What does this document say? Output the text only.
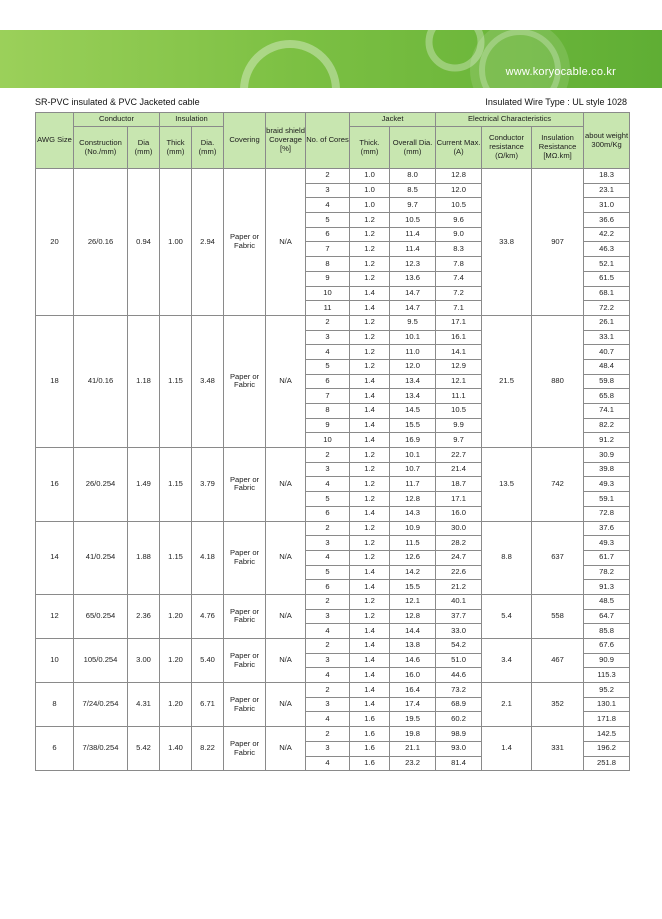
www.koryocable.co.kr
SR-PVC insulated & PVC Jacketed cable	Insulated Wire Type : UL style 1028
AWG Size	Conductor		Insulation		Covering	braid shield Coverage [%]	No. of Cores	Jacket		Electrical Characteristics			about weight 300m/Kg
	Construction (No./mm)	Dia (mm)	Thick (mm)	Dia. (mm)				Thick. (mm)	Overall Dia.(mm)	Current Max.(A)	Conductor resistance (Ω/km)	Insulation Resistance [MΩ.km]	
20	26/0.16	0.94	1.00	2.94	Paper or Fabric	N/A	2	1.0	8.0	12.8	33.8	907	18.3
							3	1.0	8.5	12.0			23.1
							4	1.0	9.7	10.5			31.0
							5	1.2	10.5	9.6			36.6
							6	1.2	11.4	9.0			42.2
							7	1.2	11.4	8.3			46.3
							8	1.2	12.3	7.8			52.1
							9	1.2	13.6	7.4			61.5
							10	1.4	14.7	7.2			68.1
							11	1.4	14.7	7.1			72.2
18	41/0.16	1.18	1.15	3.48	Paper or Fabric	N/A	2	1.2	9.5	17.1	21.5	880	26.1
							3	1.2	10.1	16.1			33.1
							4	1.2	11.0	14.1			40.7
							5	1.2	12.0	12.9			48.4
							6	1.4	13.4	12.1			59.8
							7	1.4	13.4	11.1			65.8
							8	1.4	14.5	10.5			74.1
							9	1.4	15.5	9.9			82.2
							10	1.4	16.9	9.7			91.2
16	26/0.254	1.49	1.15	3.79	Paper or Fabric	N/A	2	1.2	10.1	22.7	13.5	742	30.9
							3	1.2	10.7	21.4			39.8
							4	1.2	11.7	18.7			49.3
							5	1.2	12.8	17.1			59.1
							6	1.4	14.3	16.0			72.8
14	41/0.254	1.88	1.15	4.18	Paper or Fabric	N/A	2	1.2	10.9	30.0	8.8	637	37.6
							3	1.2	11.5	28.2			49.3
							4	1.2	12.6	24.7			61.7
							5	1.4	14.2	22.6			78.2
							6	1.4	15.5	21.2			91.3
12	65/0.254	2.36	1.20	4.76	Paper or Fabric	N/A	2	1.2	12.1	40.1	5.4	558	48.5
							3	1.2	12.8	37.7			64.7
							4	1.4	14.4	33.0			85.8
10	105/0.254	3.00	1.20	5.40	Paper or Fabric	N/A	2	1.4	13.8	54.2	3.4	467	67.6
							3	1.4	14.6	51.0			90.9
							4	1.4	16.0	44.6			115.3
8	7/24/0.254	4.31	1.20	6.71	Paper or Fabric	N/A	2	1.4	16.4	73.2	2.1	352	95.2
							3	1.4	17.4	68.9			130.1
							4	1.6	19.5	60.2			171.8
6	7/38/0.254	5.42	1.40	8.22	Paper or Fabric	N/A	2	1.6	19.8	98.9	1.4	331	142.5
							3	1.6	21.1	93.0			196.2
							4	1.6	23.2	81.4			251.8
